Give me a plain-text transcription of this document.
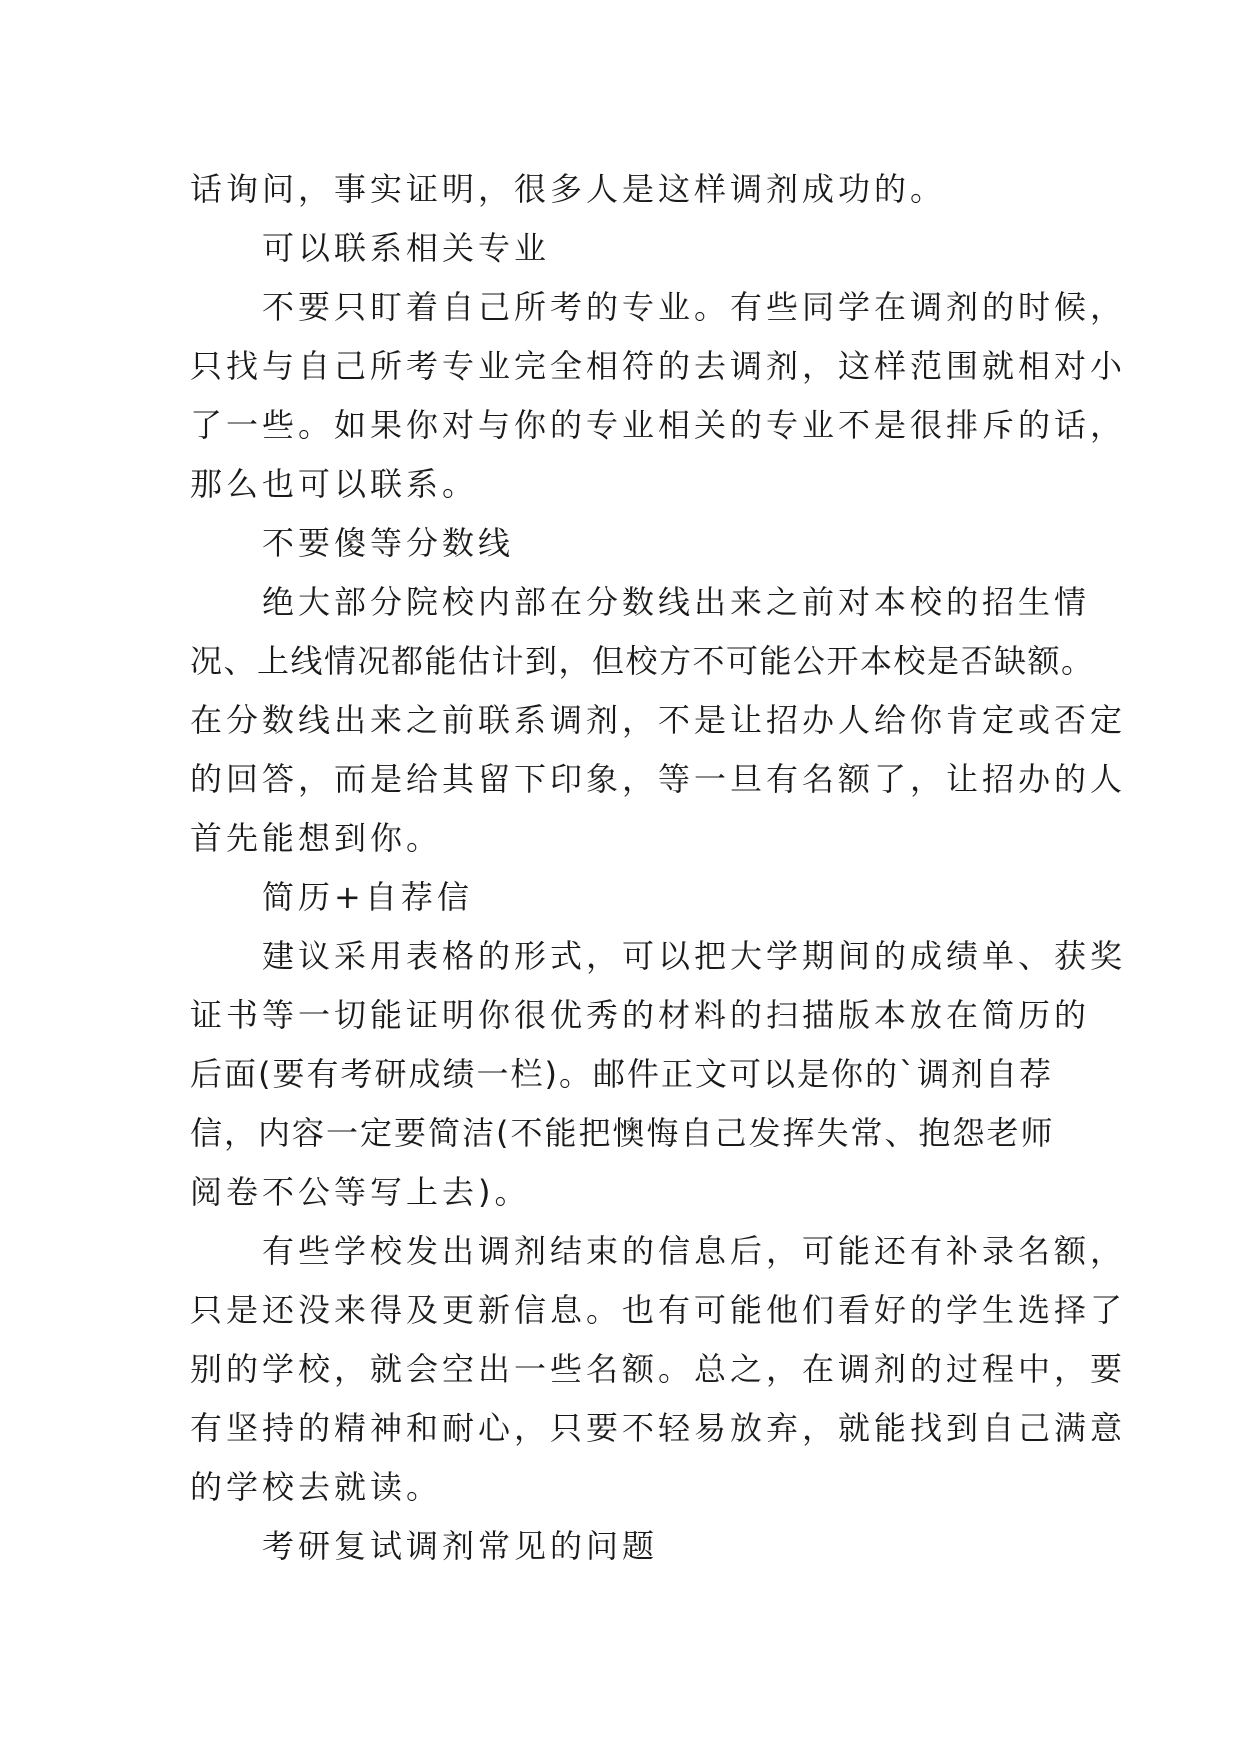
话询问，事实证明，很多人是这样调剂成功的。

可以联系相关专业

不要只盯着自己所考的专业。有些同学在调剂的时候，
只找与自己所考专业完全相符的去调剂，这样范围就相对小
了一些。如果你对与你的专业相关的专业不是很排斥的话，
那么也可以联系。

不要傻等分数线

绝大部分院校内部在分数线出来之前对本校的招生情
况、上线情况都能估计到，但校方不可能公开本校是否缺额。
在分数线出来之前联系调剂，不是让招办人给你肯定或否定
的回答，而是给其留下印象，等一旦有名额了，让招办的人
首先能想到你。

简历+自荐信

建议采用表格的形式，可以把大学期间的成绩单、获奖
证书等一切能证明你很优秀的材料的扫描版本放在简历的
后面(要有考研成绩一栏)。邮件正文可以是你的`调剂自荐
信，内容一定要简洁(不能把懊悔自己发挥失常、抱怨老师
阅卷不公等写上去)。

有些学校发出调剂结束的信息后，可能还有补录名额，
只是还没来得及更新信息。也有可能他们看好的学生选择了
别的学校，就会空出一些名额。总之，在调剂的过程中，要
有坚持的精神和耐心，只要不轻易放弃，就能找到自己满意
的学校去就读。

考研复试调剂常见的问题
